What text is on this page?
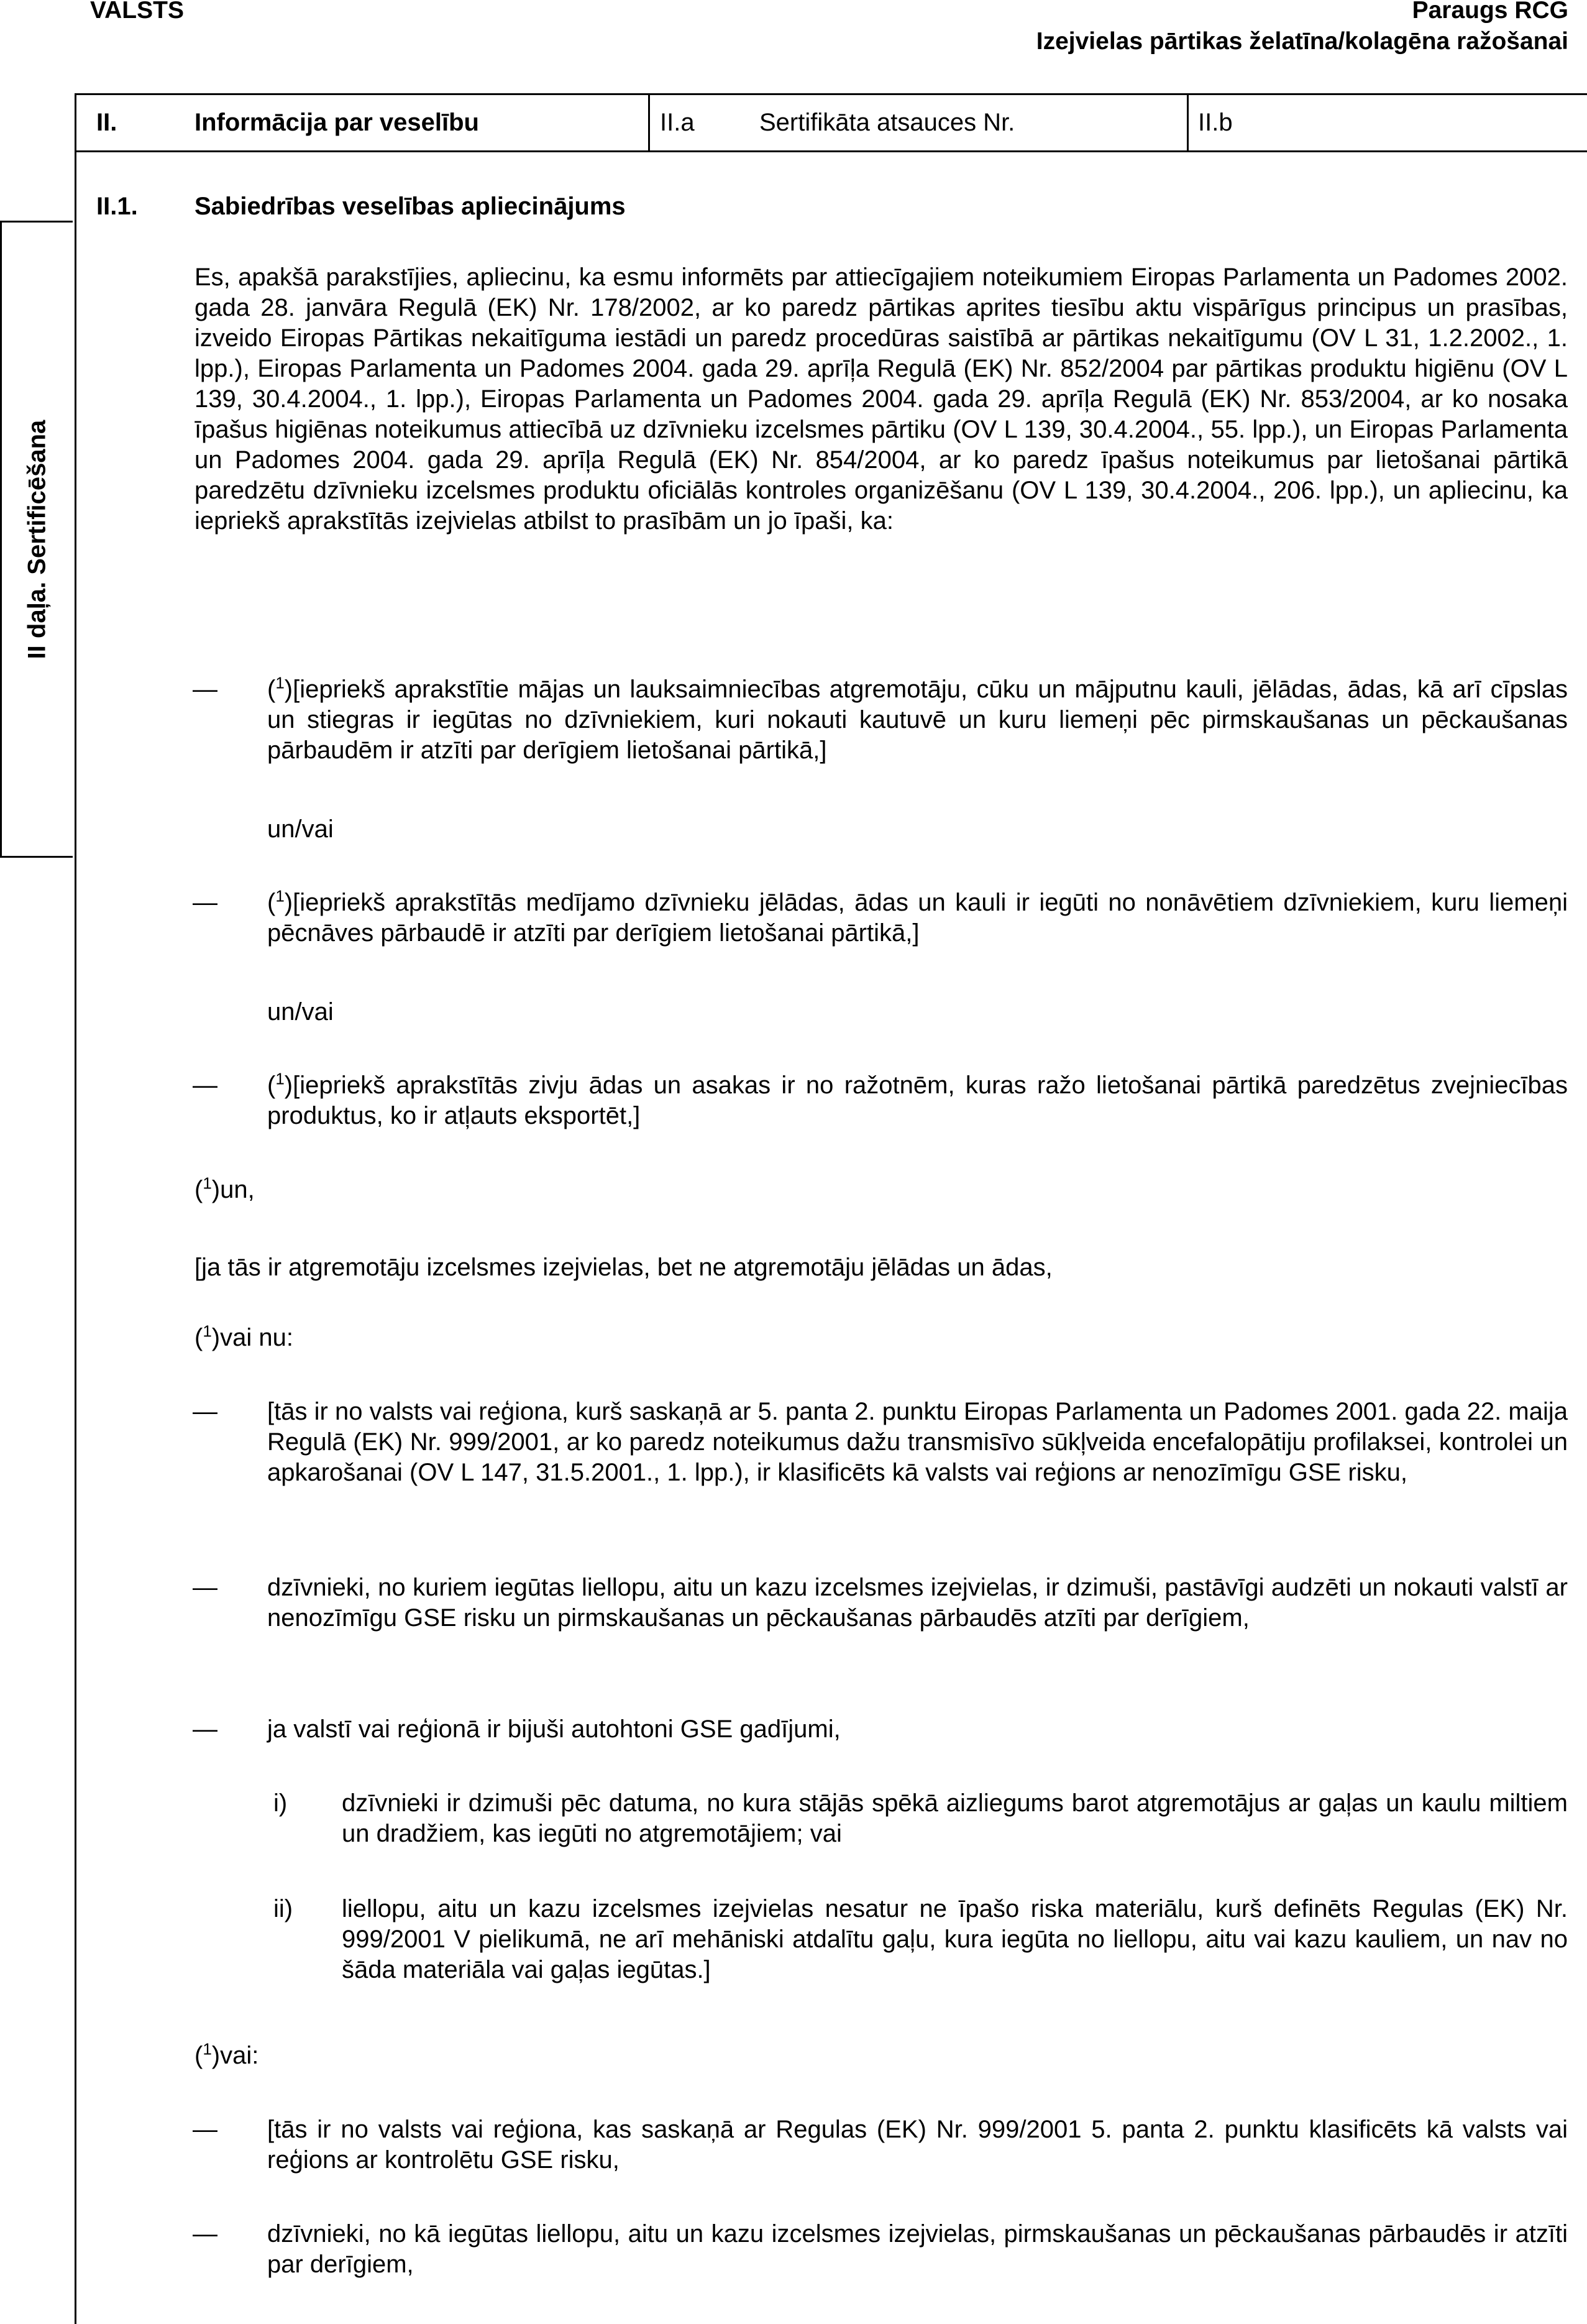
VALSTS	Paraugs RCG
Izejvielas pārtikas želatīna/kolagēna ražošanai
II.	Informācija par veselību	II.a	Sertifikāta atsauces Nr.	II.b
II daļa. Sertificēšana
II.1. Sabiedrības veselības apliecinājums
Es, apakšā parakstījies, apliecinu, ka esmu informēts par attiecīgajiem noteikumiem Eiropas Parlamenta un Padomes 2002. gada 28. janvāra Regulā (EK) Nr. 178/2002, ar ko paredz pārtikas aprites tiesību aktu vispārīgus principus un prasības, izveido Eiropas Pārtikas nekaitīguma iestādi un paredz procedūras saistībā ar pārtikas nekaitīgumu (OV L 31, 1.2.2002., 1. lpp.), Eiropas Parlamenta un Padomes 2004. gada 29. aprīļa Regulā (EK) Nr. 852/2004 par pārtikas produktu higiēnu (OV L 139, 30.4.2004., 1. lpp.), Eiropas Parlamenta un Padomes 2004. gada 29. aprīļa Regulā (EK) Nr. 853/2004, ar ko nosaka īpašus higiēnas noteikumus attiecībā uz dzīvnieku izcelsmes pārtiku (OV L 139, 30.4.2004., 55. lpp.), un Eiropas Parlamenta un Padomes 2004. gada 29. aprīļa Regulā (EK) Nr. 854/2004, ar ko paredz īpašus noteikumus par lietošanai pārtikā paredzētu dzīvnieku izcelsmes produktu oficiālās kontroles organizēšanu (OV L 139, 30.4.2004., 206. lpp.), un apliecinu, ka iepriekš aprakstītās izejvielas atbilst to prasībām un jo īpaši, ka:
— ($^1$)[iepriekš aprakstītie mājas un lauksaimniecības atgremotāju, cūku un mājputnu kauli, jēlādas, ādas, kā arī cīpslas un stiegras ir iegūtas no dzīvniekiem, kuri nokauti kautuvē un kuru liemeņi pēc pirmskaušanas un pēckaušanas pārbaudēm ir atzīti par derīgiem lietošanai pārtikā,]
un/vai
— ($^1$)[iepriekš aprakstītās medījamo dzīvnieku jēlādas, ādas un kauli ir iegūti no nonāvētiem dzīvniekiem, kuru liemeņi pēcnāves pārbaudē ir atzīti par derīgiem lietošanai pārtikā,]
un/vai
— ($^1$)[iepriekš aprakstītās zivju ādas un asakas ir no ražotnēm, kuras ražo lietošanai pārtikā paredzētus zvejniecības produktus, ko ir atļauts eksportēt,]
($^1$)un,
[ja tās ir atgremotāju izcelsmes izejvielas, bet ne atgremotāju jēlādas un ādas,
($^1$)vai nu:
— [tās ir no valsts vai reģiona, kurš saskaņā ar 5. panta 2. punktu Eiropas Parlamenta un Padomes 2001. gada 22. maija Regulā (EK) Nr. 999/2001, ar ko paredz noteikumus dažu transmisīvo sūkļveida encefalopātiju profilaksei, kontrolei un apkarošanai (OV L 147, 31.5.2001., 1. lpp.), ir klasificēts kā valsts vai reģions ar nenozīmīgu GSE risku,
— dzīvnieki, no kuriem iegūtas liellopu, aitu un kazu izcelsmes izejvielas, ir dzimuši, pastāvīgi audzēti un nokauti valstī ar nenozīmīgu GSE risku un pirmskaušanas un pēckaušanas pārbaudēs atzīti par derīgiem,
— ja valstī vai reģionā ir bijuši autohtoni GSE gadījumi,
i) dzīvnieki ir dzimuši pēc datuma, no kura stājās spēkā aizliegums barot atgremotājus ar gaļas un kaulu miltiem un dradžiem, kas iegūti no atgremotājiem; vai
ii) liellopu, aitu un kazu izcelsmes izejvielas nesatur ne īpašo riska materiālu, kurš definēts Regulas (EK) Nr. 999/2001 V pielikumā, ne arī mehāniski atdalītu gaļu, kura iegūta no liellopu, aitu vai kazu kauliem, un nav no šāda materiāla vai gaļas iegūtas.]
($^1$)vai:
— [tās ir no valsts vai reģiona, kas saskaņā ar Regulas (EK) Nr. 999/2001 5. panta 2. punktu klasificēts kā valsts vai reģions ar kontrolētu GSE risku,
— dzīvnieki, no kā iegūtas liellopu, aitu un kazu izcelsmes izejvielas, pirmskaušanas un pēckaušanas pārbaudēs ir atzīti par derīgiem,
